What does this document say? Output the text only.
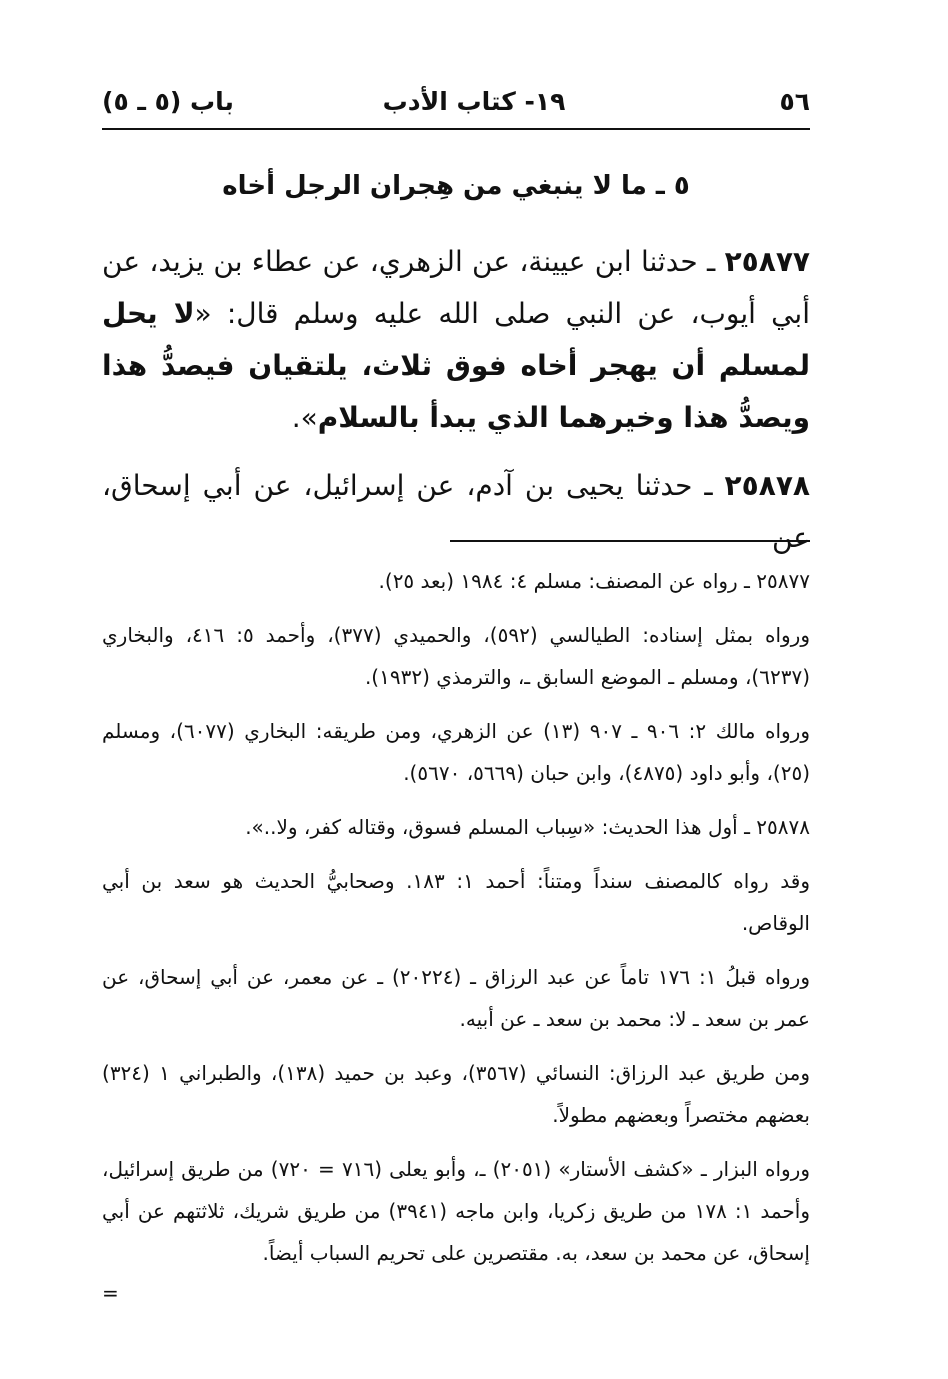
٥٦
١٩- كتاب الأدب
باب (٥ ـ ٥)
٥ ـ ما لا ينبغي من هِجران الرجل أخاه
٢٥٨٧٧ ـ حدثنا ابن عيينة، عن الزهري، عن عطاء بن يزيد، عن أبي أيوب، عن النبي صلى الله عليه وسلم قال: «لا يحل لمسلم أن يهجر أخاه فوق ثلاث، يلتقيان فيصدُّ هذا ويصدُّ هذا وخيرهما الذي يبدأ بالسلام».
٢٥٨٧٨ ـ حدثنا يحيى بن آدم، عن إسرائيل، عن أبي إسحاق، عن

٢٥٨٧٧ ـ رواه عن المصنف: مسلم ٤: ١٩٨٤ (بعد ٢٥).

ورواه بمثل إسناده: الطيالسي (٥٩٢)، والحميدي (٣٧٧)، وأحمد ٥: ٤١٦، والبخاري (٦٢٣٧)، ومسلم ـ الموضع السابق ـ، والترمذي (١٩٣٢).

ورواه مالك ٢: ٩٠٦ ـ ٩٠٧ (١٣) عن الزهري، ومن طريقه: البخاري (٦٠٧٧)، ومسلم (٢٥)، وأبو داود (٤٨٧٥)، وابن حبان (٥٦٦٩، ٥٦٧٠).

٢٥٨٧٨ ـ أول هذا الحديث: «سِباب المسلم فسوق، وقتاله كفر، ولا..».

وقد رواه كالمصنف سنداً ومتناً: أحمد ١: ١٨٣. وصحابيُّ الحديث هو سعد بن أبي الوقاص.

ورواه قبلُ ١: ١٧٦ تاماً عن عبد الرزاق ـ (٢٠٢٢٤) ـ عن معمر، عن أبي إسحاق، عن عمر بن سعد ـ لا: محمد بن سعد ـ عن أبيه.

ومن طريق عبد الرزاق: النسائي (٣٥٦٧)، وعبد بن حميد (١٣٨)، والطبراني ١ (٣٢٤) بعضهم مختصراً وبعضهم مطولاً.

ورواه البزار ـ «كشف الأستار» (٢٠٥١) ـ، وأبو يعلى (٧١٦ = ٧٢٠) من طريق إسرائيل، وأحمد ١: ١٧٨ من طريق زكريا، وابن ماجه (٣٩٤١) من طريق شريك، ثلاثتهم عن أبي إسحاق، عن محمد بن سعد، به. مقتصرين على تحريم السباب أيضاً.

=
